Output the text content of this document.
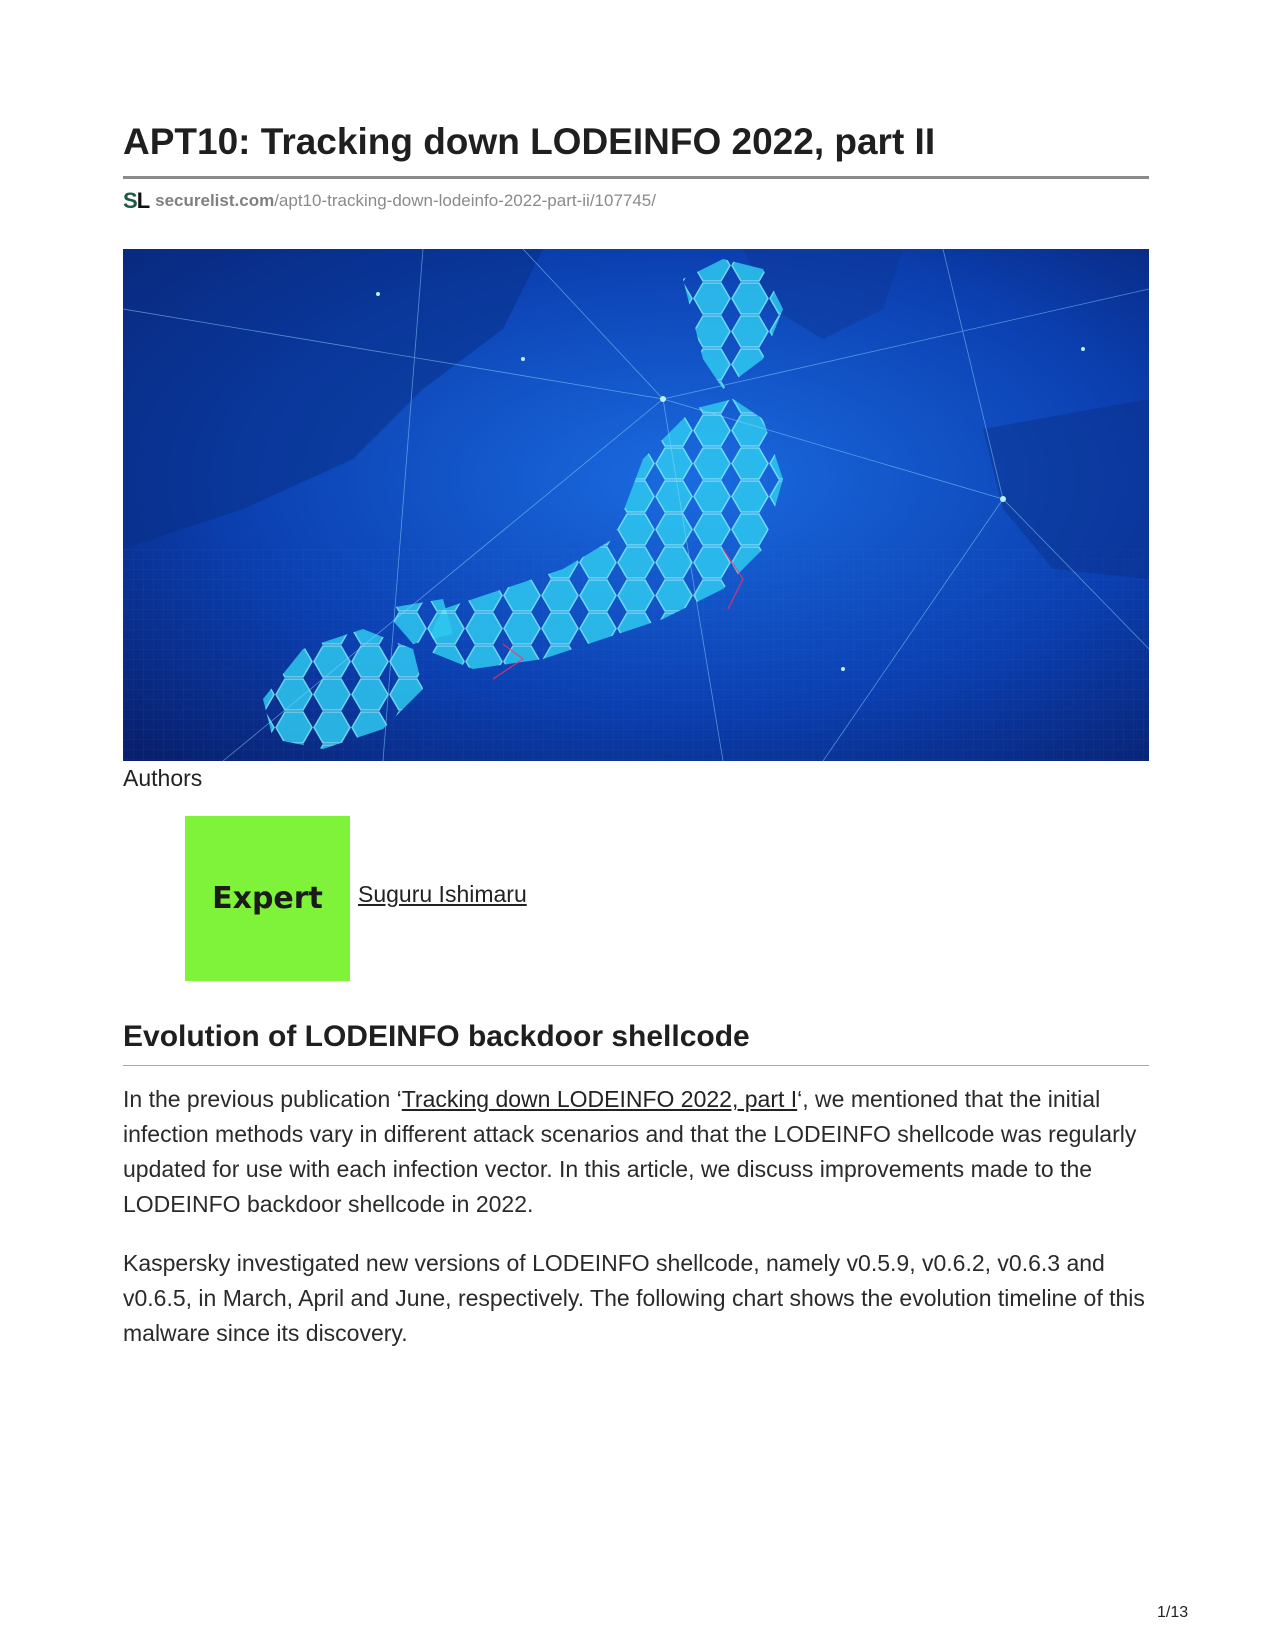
APT10: Tracking down LODEINFO 2022, part II
SL securelist.com /apt10-tracking-down-lodeinfo-2022-part-ii/107745/
Authors
Expert	Suguru Ishimaru
Evolution of LODEINFO backdoor shellcode

In the previous publication ‘Tracking down LODEINFO 2022, part I‘, we mentioned that the initial infection methods vary in different attack scenarios and that the LODEINFO shellcode was regularly updated for use with each infection vector. In this article, we discuss improvements made to the LODEINFO backdoor shellcode in 2022.

Kaspersky investigated new versions of LODEINFO shellcode, namely v0.5.9, v0.6.2, v0.6.3 and v0.6.5, in March, April and June, respectively. The following chart shows the evolution timeline of this malware since its discovery.

1/13
